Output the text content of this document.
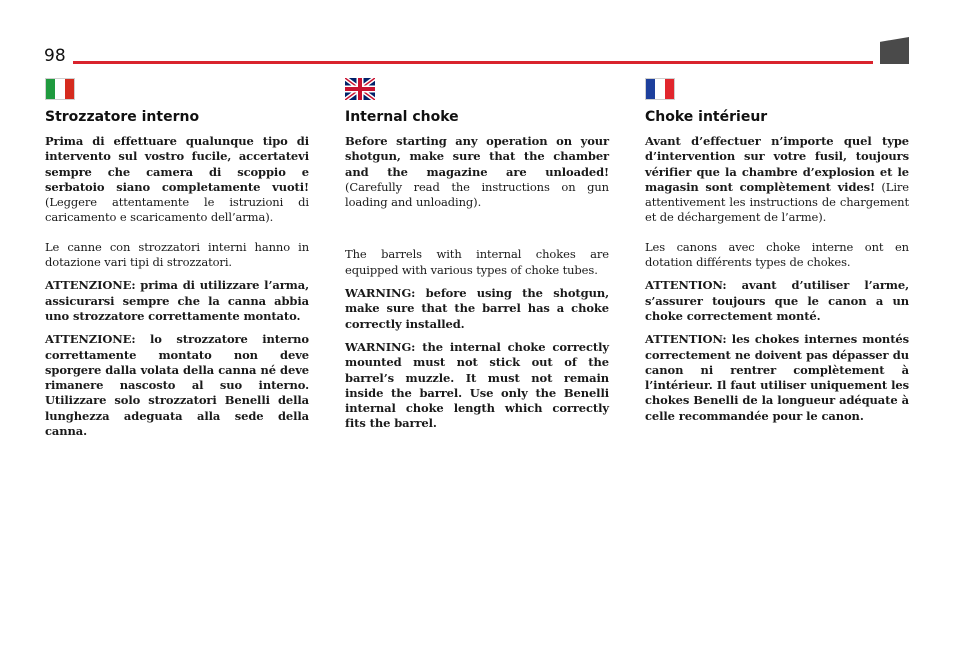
98
Strozzatore interno

Prima di effettuare qualunque tipo di intervento sul vostro fucile, accertatevi sempre che camera di scoppio e serbatoio siano completamente vuoti! (Leggere attentamente le istruzioni di caricamento e scaricamento dell’arma).

Le canne con strozzatori interni hanno in dotazione vari tipi di strozzatori.

ATTENZIONE: prima di utilizzare l’arma, assicurarsi sempre che la canna abbia uno strozzatore correttamente montato.

ATTENZIONE: lo strozzatore interno correttamente montato non deve sporgere dalla volata della canna né deve rimanere nascosto al suo interno. Utilizzare solo strozzatori Benelli della lunghezza adeguata alla sede della canna.

Internal choke

Before starting any operation on your shotgun, make sure that the chamber and the magazine are unloaded! (Carefully read the instructions on gun loading and unloading).

The barrels with internal chokes are equipped with various types of choke tubes.

WARNING: before using the shotgun, make sure that the barrel has a choke correctly installed.

WARNING: the internal choke correctly mounted must not stick out of the barrel’s muzzle. It must not remain inside the barrel. Use only the Benelli internal choke length which correctly fits the barrel.

Choke intérieur

Avant d’effectuer n’importe quel type d’intervention sur votre fusil, toujours vérifier que la chambre d’explosion et le magasin sont complètement vides! (Lire attentivement les instructions de chargement et de déchargement de l’arme).

Les canons avec choke interne ont en dotation différents types de chokes.

ATTENTION: avant d’utiliser l’arme, s’assurer toujours que le canon a un choke correctement monté.

ATTENTION: les chokes internes montés correctement ne doivent pas dépasser du canon ni rentrer complètement à l’intérieur. Il faut utiliser uniquement les chokes Benelli de la longueur adéquate à celle recommandée pour le canon.
